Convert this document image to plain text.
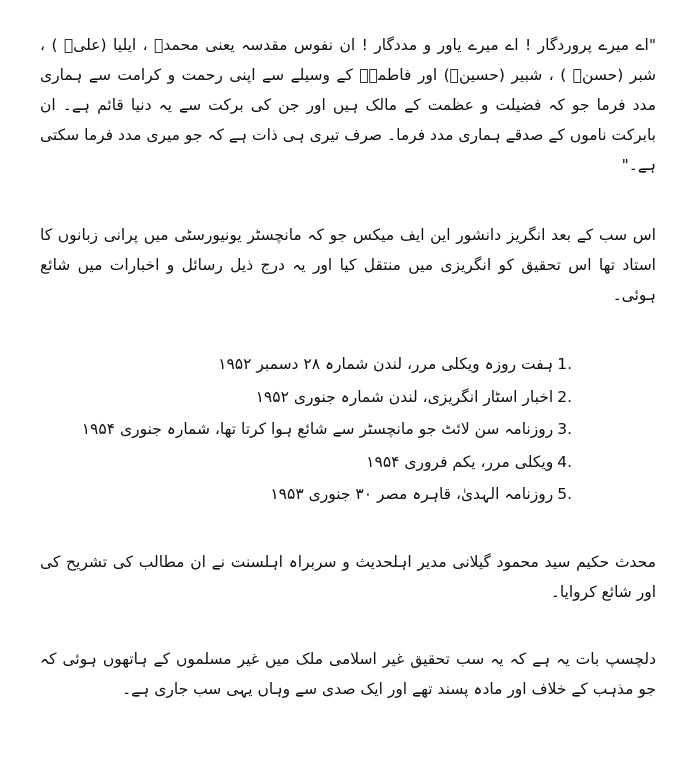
"اے میرے پروردگار ! اے میرے یاور و مددگار ! ان نفوس مقدسہ یعنی محمدؐ ، ایلیا (علیؑ ) ، شبر (حسنؑ ) ، شبیر (حسینؑ) اور فاطمہؑ کے وسیلے سے اپنی رحمت و کرامت سے ہماری مدد فرما جو کہ فضیلت و عظمت کے مالک ہیں اور جن کی برکت سے یہ دنیا قائم ہے۔ ان بابرکت ناموں کے صدقے ہماری مدد فرما۔ صرف تیری ہی ذات ہے کہ جو میری مدد فرما سکتی ہے۔"

اس سب کے بعد انگریز دانشور این ایف میکس جو کہ مانچسٹر یونیورسٹی میں پرانی زبانوں کا استاد تھا اس تحقیق کو انگریزی میں منتقل کیا اور یہ درج ذیل رسائل و اخبارات میں شائع ہوئی۔

1.
ہفت روزہ ویکلی مرر، لندن شمارہ ۲۸ دسمبر ۱۹۵۲
2.
اخبار اسٹار انگریزی، لندن شمارہ جنوری ۱۹۵۲
3.
روزنامہ سن لائٹ جو مانچسٹر سے شائع ہوا کرتا تھا، شمارہ جنوری ۱۹۵۴
4.
ویکلی مرر، یکم فروری ۱۹۵۴
5.
روزنامہ الہدیٰ، قاہرہ مصر ۳۰ جنوری ۱۹۵۳

محدث حکیم سید محمود گیلانی مدیر اہلحدیث و سربراہ اہلسنت نے ان مطالب کی تشریح کی اور شائع کروایا۔

دلچسپ بات یہ ہے کہ یہ سب تحقیق غیر اسلامی ملک میں غیر مسلموں کے ہاتھوں ہوئی کہ جو مذہب کے خلاف اور مادہ پسند تھے اور ایک صدی سے وہاں یہی سب جاری ہے۔
